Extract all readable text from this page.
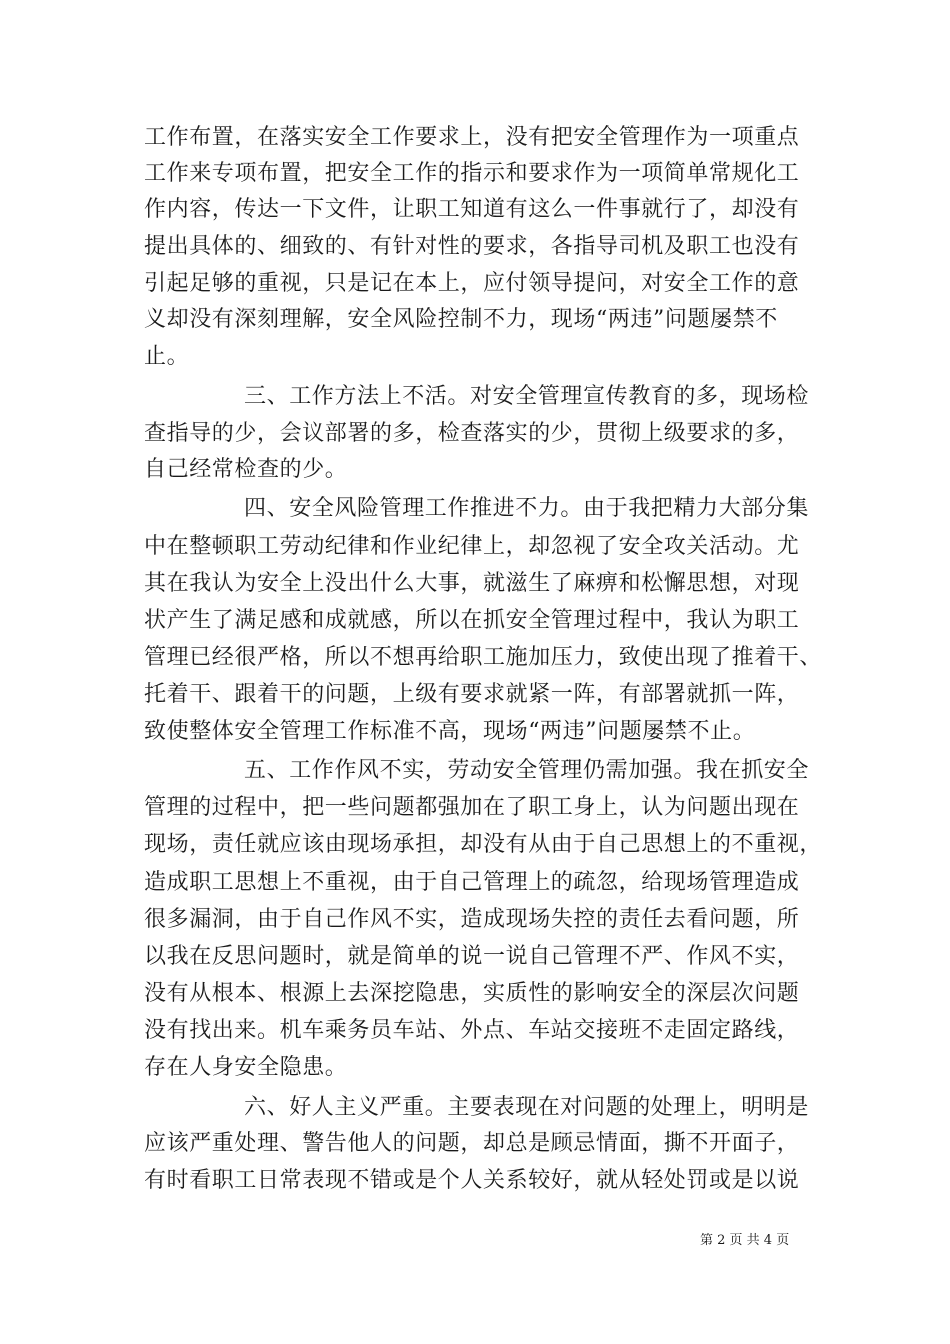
工作布置，在落实安全工作要求上，没有把安全管理作为一项重点
工作来专项布置，把安全工作的指示和要求作为一项简单常规化工
作内容，传达一下文件，让职工知道有这么一件事就行了，却没有
提出具体的、细致的、有针对性的要求，各指导司机及职工也没有
引起足够的重视，只是记在本上，应付领导提问，对安全工作的意
义却没有深刻理解，安全风险控制不力，现场“两违”问题屡禁不
止。
三、工作方法上不活。对安全管理宣传教育的多，现场检
查指导的少，会议部署的多，检查落实的少，贯彻上级要求的多，
自己经常检查的少。
四、安全风险管理工作推进不力。由于我把精力大部分集
中在整顿职工劳动纪律和作业纪律上，却忽视了安全攻关活动。尤
其在我认为安全上没出什么大事，就滋生了麻痹和松懈思想，对现
状产生了满足感和成就感，所以在抓安全管理过程中，我认为职工
管理已经很严格，所以不想再给职工施加压力，致使出现了推着干、
托着干、跟着干的问题，上级有要求就紧一阵，有部署就抓一阵，
致使整体安全管理工作标准不高，现场“两违”问题屡禁不止。
五、工作作风不实，劳动安全管理仍需加强。我在抓安全
管理的过程中，把一些问题都强加在了职工身上，认为问题出现在
现场，责任就应该由现场承担，却没有从由于自己思想上的不重视，
造成职工思想上不重视，由于自己管理上的疏忽，给现场管理造成
很多漏洞，由于自己作风不实，造成现场失控的责任去看问题，所
以我在反思问题时，就是简单的说一说自己管理不严、作风不实，
没有从根本、根源上去深挖隐患，实质性的影响安全的深层次问题
没有找出来。机车乘务员车站、外点、车站交接班不走固定路线，
存在人身安全隐患。
六、好人主义严重。主要表现在对问题的处理上，明明是
应该严重处理、警告他人的问题，却总是顾忌情面，撕不开面子，
有时看职工日常表现不错或是个人关系较好，就从轻处罚或是以说
第 2 页 共 4 页
